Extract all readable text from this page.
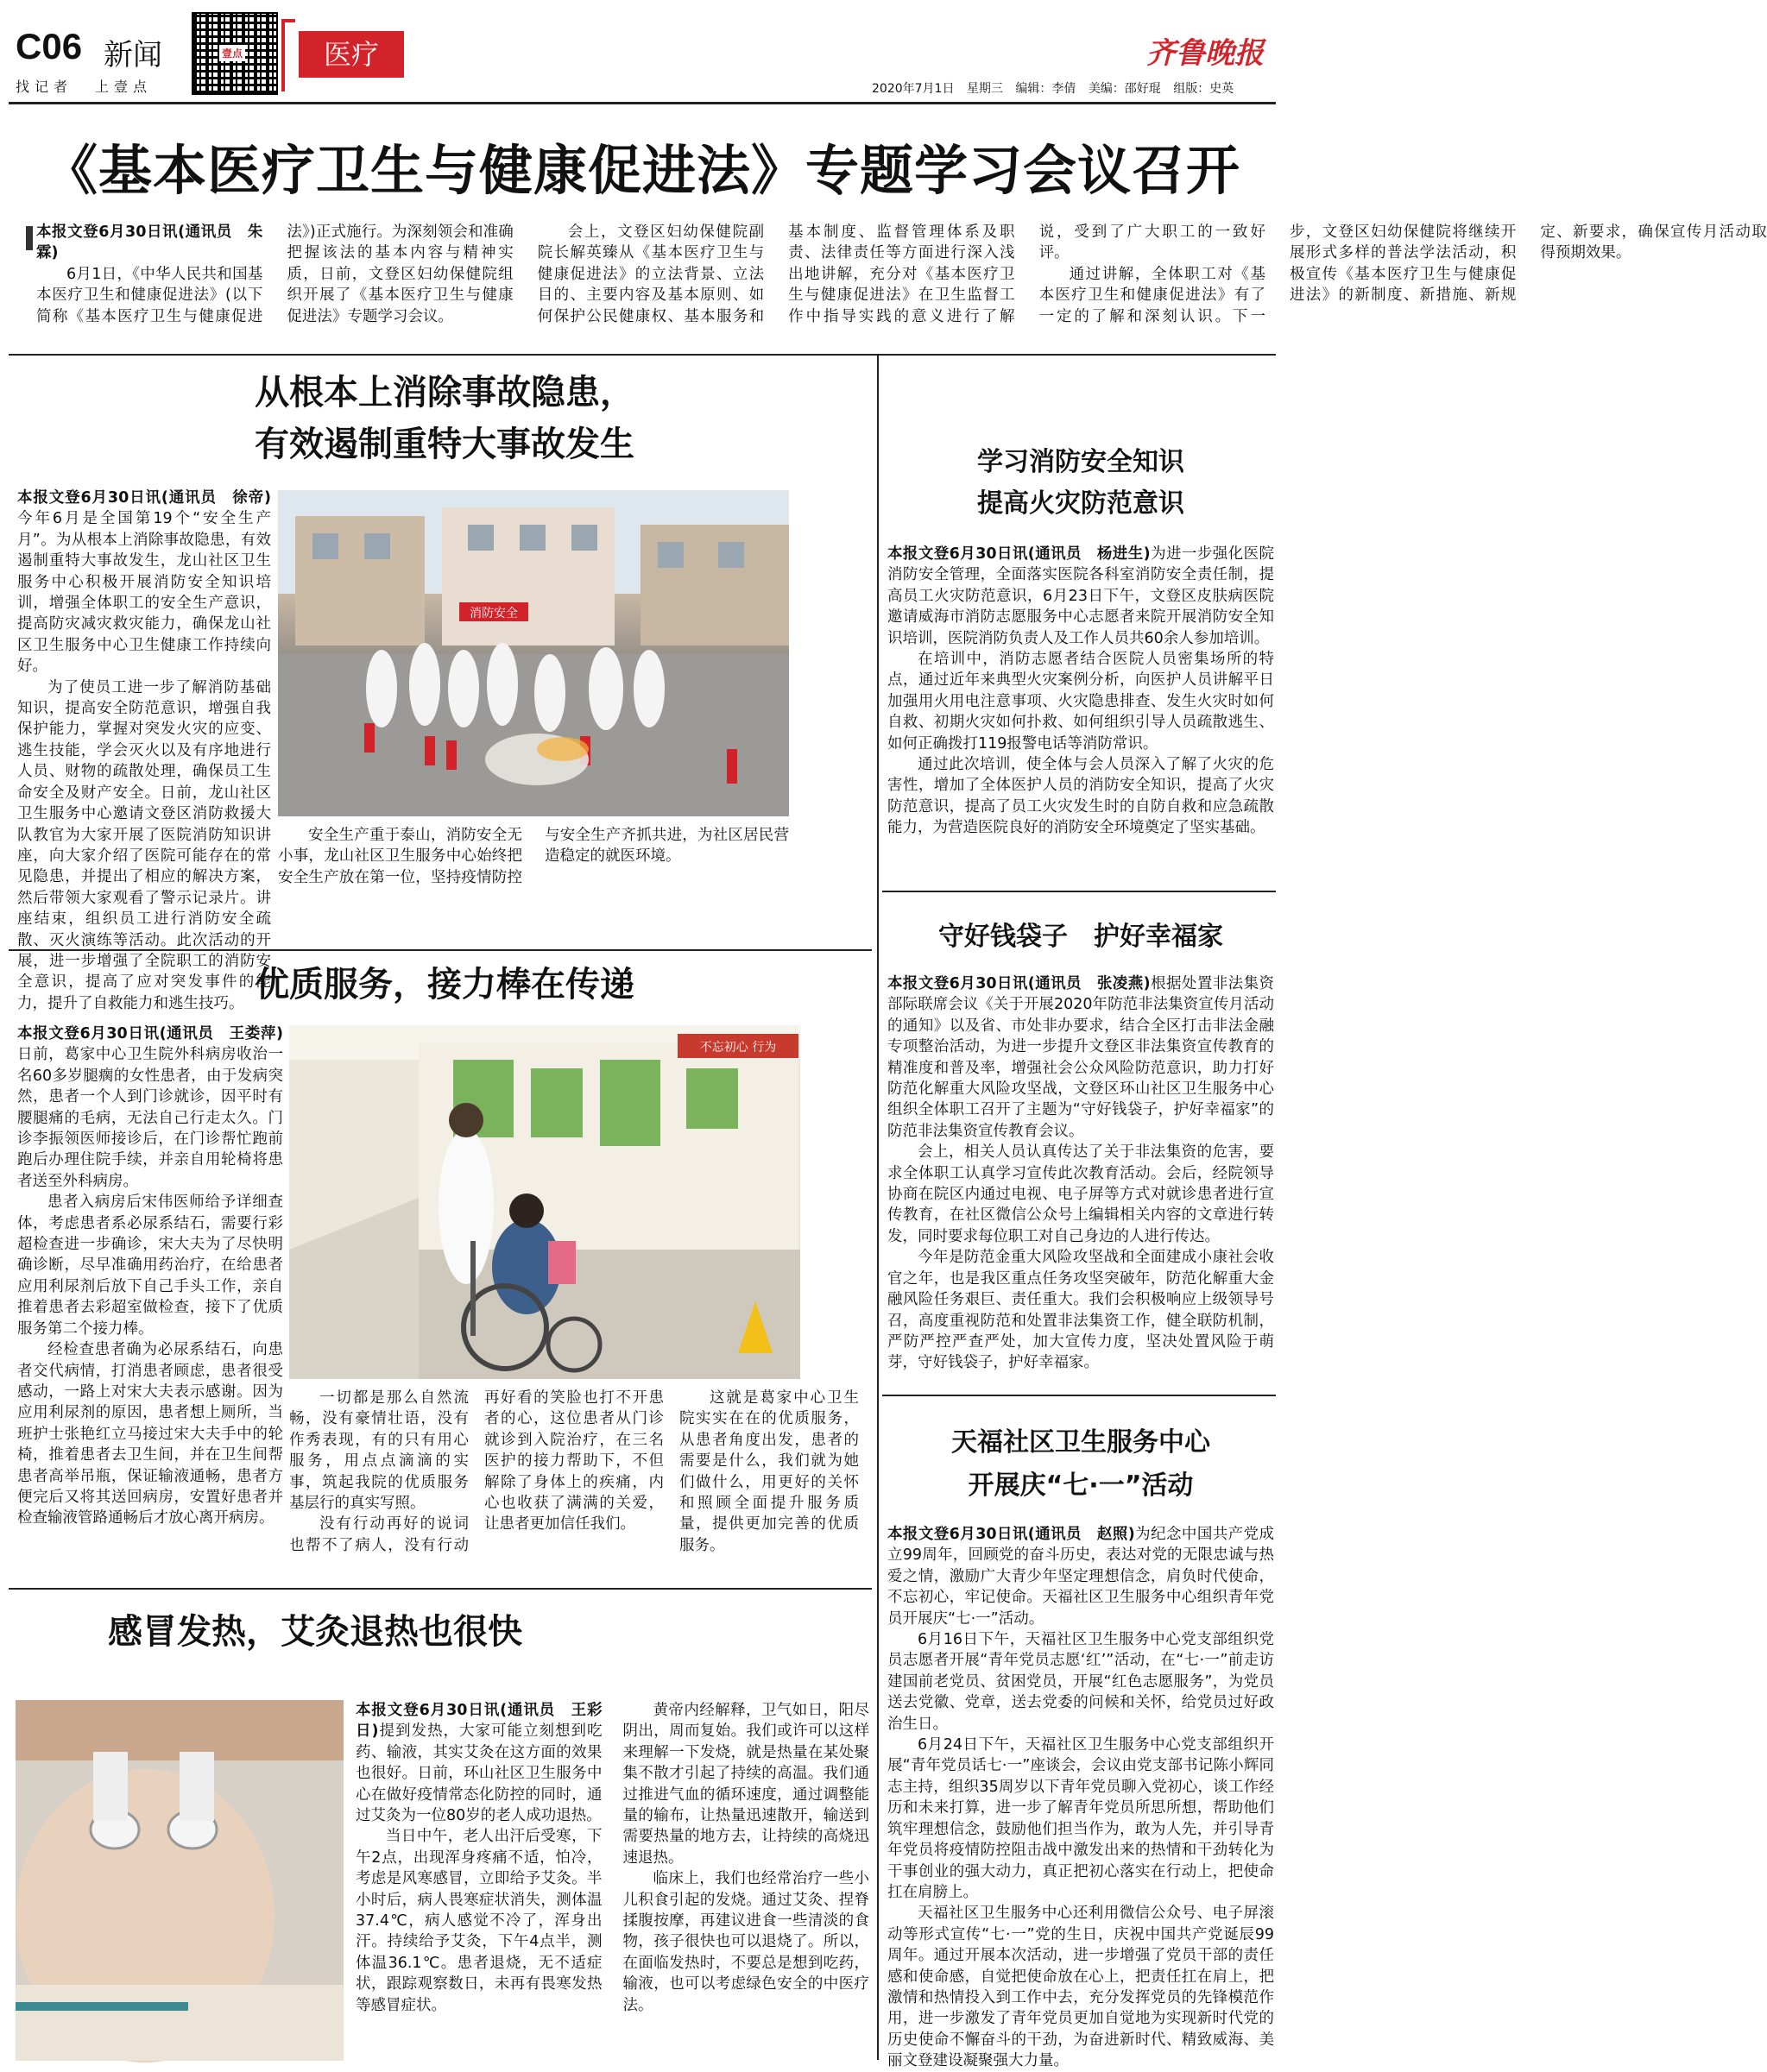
C06 新闻
找记者 上壹点
壹点	医疗	齐鲁晚报
2020年7月1日 星期三 编辑：李倩 美编：邵好琨 组版：史英
《基本医疗卫生与健康促进法》专题学习会议召开

本报文登6月30日讯(通讯员　朱霖)

6月1日，《中华人民共和国基本医疗卫生和健康促进法》(以下简称《基本医疗卫生与健康促进法》)正式施行。为深刻领会和准确把握该法的基本内容与精神实质，日前，文登区妇幼保健院组织开展了《基本医疗卫生与健康促进法》专题学习会议。

会上，文登区妇幼保健院副院长解英臻从《基本医疗卫生与健康促进法》的立法背景、立法目的、主要内容及基本原则、如何保护公民健康权、基本服务和基本制度、监督管理体系及职责、法律责任等方面进行深入浅出地讲解，充分对《基本医疗卫生与健康促进法》在卫生监督工作中指导实践的意义进行了解说，受到了广大职工的一致好评。

通过讲解，全体职工对《基本医疗卫生和健康促进法》有了一定的了解和深刻认识。下一步，文登区妇幼保健院将继续开展形式多样的普法学法活动，积极宣传《基本医疗卫生与健康促进法》的新制度、新措施、新规定、新要求，确保宣传月活动取得预期效果。

从根本上消除事故隐患，
有效遏制重特大事故发生
消防安全

本报文登6月30日讯(通讯员　徐帝)今年6月是全国第19个“安全生产月”。为从根本上消除事故隐患，有效遏制重特大事故发生，龙山社区卫生服务中心积极开展消防安全知识培训，增强全体职工的安全生产意识，提高防灾减灾救灾能力，确保龙山社区卫生服务中心卫生健康工作持续向好。

为了使员工进一步了解消防基础知识，提高安全防范意识，增强自我保护能力，掌握对突发火灾的应变、逃生技能，学会灭火以及有序地进行人员、财物的疏散处理，确保员工生命安全及财产安全。日前，龙山社区卫生服务中心邀请文登区消防救援大队教官为大家开展了医院消防知识讲座，向大家介绍了医院可能存在的常见隐患，并提出了相应的解决方案，然后带领大家观看了警示记录片。讲座结束，组织员工进行消防安全疏散、灭火演练等活动。此次活动的开展，进一步增强了全院职工的消防安全意识，提高了应对突发事件的能力，提升了自救能力和逃生技巧。

安全生产重于泰山，消防安全无小事，龙山社区卫生服务中心始终把安全生产放在第一位，坚持疫情防控与安全生产齐抓共进，为社区居民营造稳定的就医环境。

优质服务，接力棒在传递
不忘初心 行为

本报文登6月30日讯(通讯员　王娄萍)日前，葛家中心卫生院外科病房收治一名60多岁腿瘸的女性患者，由于发病突然，患者一个人到门诊就诊，因平时有腰腿痛的毛病，无法自己行走太久。门诊李振领医师接诊后，在门诊帮忙跑前跑后办理住院手续，并亲自用轮椅将患者送至外科病房。

患者入病房后宋伟医师给予详细查体，考虑患者系必尿系结石，需要行彩超检查进一步确诊，宋大夫为了尽快明确诊断，尽早准确用药治疗，在给患者应用利尿剂后放下自己手头工作，亲自推着患者去彩超室做检查，接下了优质服务第二个接力棒。

经检查患者确为必尿系结石，向患者交代病情，打消患者顾虑，患者很受感动，一路上对宋大夫表示感谢。因为应用利尿剂的原因，患者想上厕所，当班护士张艳红立马接过宋大夫手中的轮椅，推着患者去卫生间，并在卫生间帮患者高举吊瓶，保证输液通畅，患者方便完后又将其送回病房，安置好患者并检查输液管路通畅后才放心离开病房。

一切都是那么自然流畅，没有豪情壮语，没有作秀表现，有的只有用心服务，用点点滴滴的实事，筑起我院的优质服务基层行的真实写照。

没有行动再好的说词也帮不了病人，没有行动再好看的笑脸也打不开患者的心，这位患者从门诊就诊到入院治疗，在三名医护的接力帮助下，不但解除了身体上的疾痛，内心也收获了满满的关爱，让患者更加信任我们。

这就是葛家中心卫生院实实在在的优质服务，从患者角度出发，患者的需要是什么，我们就为她们做什么，用更好的关怀和照顾全面提升服务质量，提供更加完善的优质服务。

感冒发热，艾灸退热也很快

本报文登6月30日讯(通讯员　王彩日)提到发热，大家可能立刻想到吃药、输液，其实艾灸在这方面的效果也很好。日前，环山社区卫生服务中心在做好疫情常态化防控的同时，通过艾灸为一位80岁的老人成功退热。

当日中午，老人出汗后受寒，下午2点，出现浑身疼痛不适，怕冷，考虑是风寒感冒，立即给予艾灸。半小时后，病人畏寒症状消失，测体温37.4℃，病人感觉不冷了，浑身出汗。持续给予艾灸，下午4点半，测体温36.1℃。患者退烧，无不适症状，跟踪观察数日，未再有畏寒发热等感冒症状。

黄帝内经解释，卫气如日，阳尽阴出，周而复始。我们或许可以这样来理解一下发烧，就是热量在某处聚集不散才引起了持续的高温。我们通过推进气血的循环速度，通过调整能量的输布，让热量迅速散开，输送到需要热量的地方去，让持续的高烧迅速退热。

临床上，我们也经常治疗一些小儿积食引起的发烧。通过艾灸、捏脊揉腹按摩，再建议进食一些清淡的食物，孩子很快也可以退烧了。所以，在面临发热时，不要总是想到吃药，输液，也可以考虑绿色安全的中医疗法。

学习消防安全知识
提高火灾防范意识

本报文登6月30日讯(通讯员　杨进生)为进一步强化医院消防安全管理，全面落实医院各科室消防安全责任制，提高员工火灾防范意识，6月23日下午，文登区皮肤病医院邀请威海市消防志愿服务中心志愿者来院开展消防安全知识培训，医院消防负责人及工作人员共60余人参加培训。

在培训中，消防志愿者结合医院人员密集场所的特点，通过近年来典型火灾案例分析，向医护人员讲解平日加强用火用电注意事项、火灾隐患排查、发生火灾时如何自救、初期火灾如何扑救、如何组织引导人员疏散逃生、如何正确拨打119报警电话等消防常识。

通过此次培训，使全体与会人员深入了解了火灾的危害性，增加了全体医护人员的消防安全知识，提高了火灾防范意识，提高了员工火灾发生时的自防自救和应急疏散能力，为营造医院良好的消防安全环境奠定了坚实基础。

守好钱袋子　护好幸福家

本报文登6月30日讯(通讯员　张凌燕)根据处置非法集资部际联席会议《关于开展2020年防范非法集资宣传月活动的通知》以及省、市处非办要求，结合全区打击非法金融专项整治活动，为进一步提升文登区非法集资宣传教育的精准度和普及率，增强社会公众风险防范意识，助力打好防范化解重大风险攻坚战，文登区环山社区卫生服务中心组织全体职工召开了主题为“守好钱袋子，护好幸福家”的防范非法集资宣传教育会议。

会上，相关人员认真传达了关于非法集资的危害，要求全体职工认真学习宣传此次教育活动。会后，经院领导协商在院区内通过电视、电子屏等方式对就诊患者进行宣传教育，在社区微信公众号上编辑相关内容的文章进行转发，同时要求每位职工对自己身边的人进行传达。

今年是防范金重大风险攻坚战和全面建成小康社会收官之年，也是我区重点任务攻坚突破年，防范化解重大金融风险任务艰巨、责任重大。我们会积极响应上级领导号召，高度重视防范和处置非法集资工作，健全联防机制，严防严控严查严处，加大宣传力度，坚决处置风险于萌芽，守好钱袋子，护好幸福家。

天福社区卫生服务中心
开展庆“七·一”活动

本报文登6月30日讯(通讯员　赵照)为纪念中国共产党成立99周年，回顾党的奋斗历史，表达对党的无限忠诚与热爱之情，激励广大青少年坚定理想信念，肩负时代使命，不忘初心，牢记使命。天福社区卫生服务中心组织青年党员开展庆“七·一”活动。

6月16日下午，天福社区卫生服务中心党支部组织党员志愿者开展“青年党员志愿‘红’”活动，在“七·一”前走访建国前老党员、贫困党员，开展“红色志愿服务”，为党员送去党徽、党章，送去党委的问候和关怀，给党员过好政治生日。

6月24日下午，天福社区卫生服务中心党支部组织开展“青年党员话七·一”座谈会，会议由党支部书记陈小辉同志主持，组织35周岁以下青年党员聊入党初心，谈工作经历和未来打算，进一步了解青年党员所思所想，帮助他们筑牢理想信念，鼓励他们担当作为，敢为人先，并引导青年党员将疫情防控阻击战中激发出来的热情和干劲转化为干事创业的强大动力，真正把初心落实在行动上，把使命扛在肩膀上。

天福社区卫生服务中心还利用微信公众号、电子屏滚动等形式宣传“七·一”党的生日，庆祝中国共产党诞辰99周年。通过开展本次活动，进一步增强了党员干部的责任感和使命感，自觉把使命放在心上，把责任扛在肩上，把激情和热情投入到工作中去，充分发挥党员的先锋模范作用，进一步激发了青年党员更加自觉地为实现新时代党的历史使命不懈奋斗的干劲，为奋进新时代、精致威海、美丽文登建设凝聚强大力量。
